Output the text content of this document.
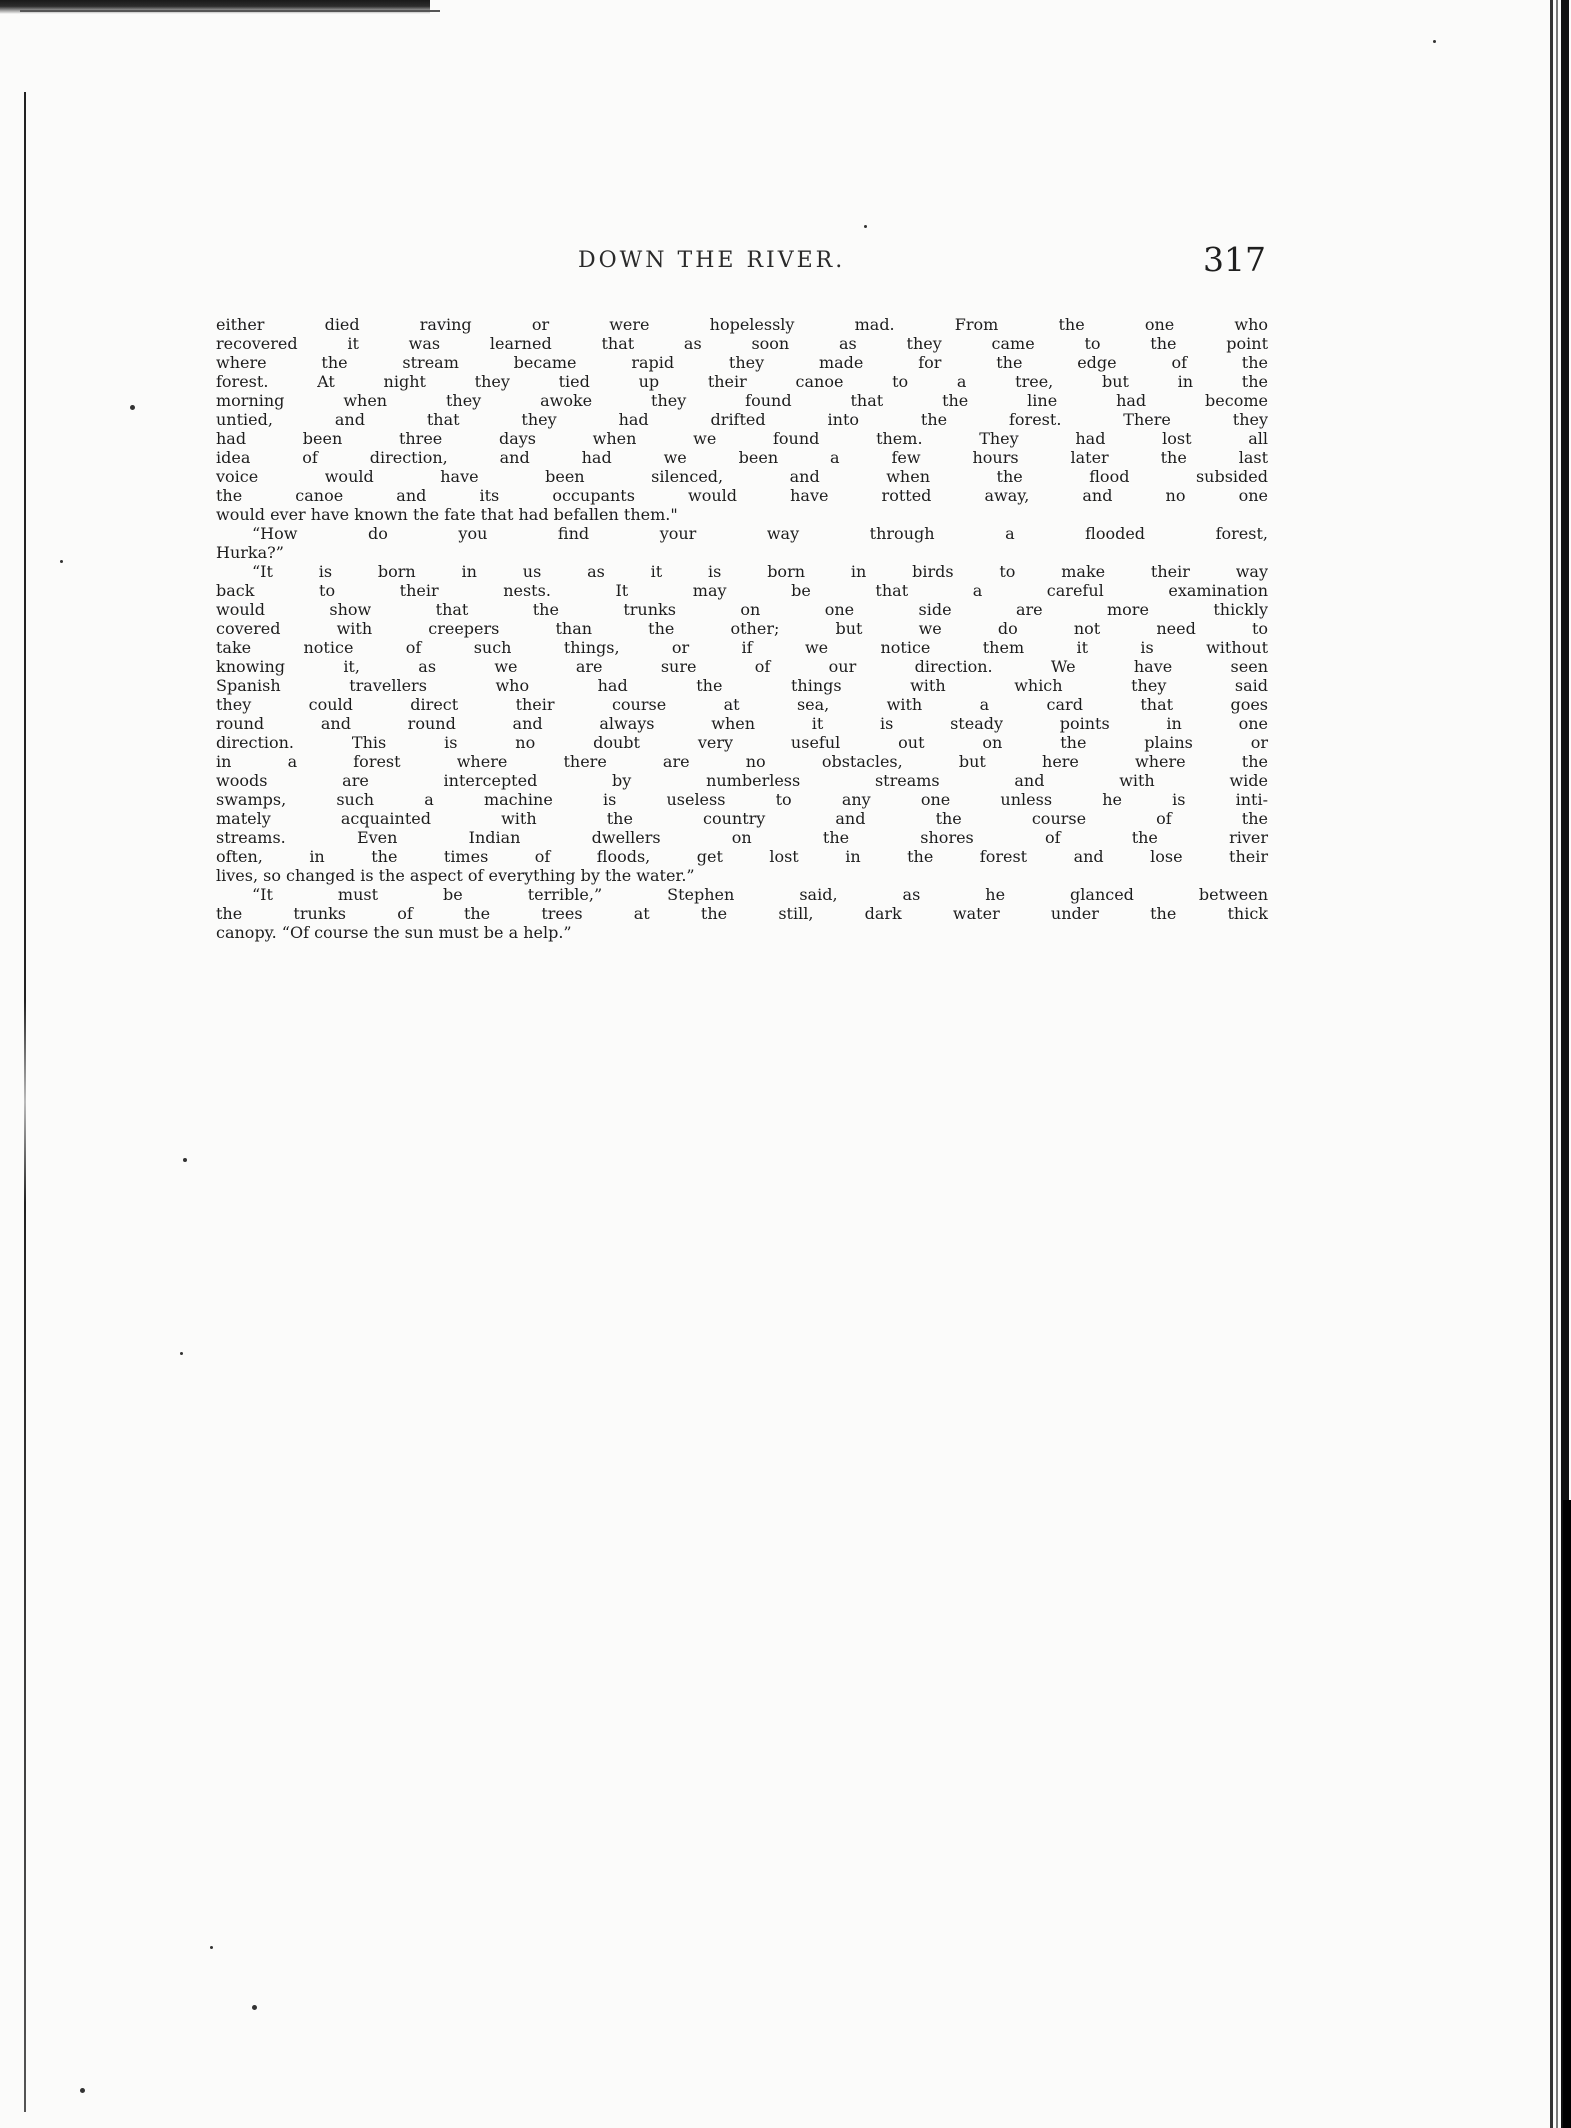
DOWN THE RIVER.	317
either died raving or were hopelessly mad. From the one who
recovered it was learned that as soon as they came to the point
where the stream became rapid they made for the edge of the
forest. At night they tied up their canoe to a tree, but in the
morning when they awoke they found that the line had become
untied, and that they had drifted into the forest. There they
had been three days when we found them. They had lost all
idea of direction, and had we been a few hours later the last
voice would have been silenced, and when the flood subsided
the canoe and its occupants would have rotted away, and no one
would ever have known the fate that had befallen them."
“How do you find your way through a flooded forest,
Hurka?”
“It is born in us as it is born in birds to make their way
back to their nests. It may be that a careful examination
would show that the trunks on one side are more thickly
covered with creepers than the other; but we do not need to
take notice of such things, or if we notice them it is without
knowing it, as we are sure of our direction. We have seen
Spanish travellers who had the things with which they said
they could direct their course at sea, with a card that goes
round and round and always when it is steady points in one
direction. This is no doubt very useful out on the plains or
in a forest where there are no obstacles, but here where the
woods are intercepted by numberless streams and with wide
swamps, such a machine is useless to any one unless he is inti-
mately acquainted with the country and the course of the
streams. Even Indian dwellers on the shores of the river
often, in the times of floods, get lost in the forest and lose their
lives, so changed is the aspect of everything by the water.”
“It must be terrible,” Stephen said, as he glanced between
the trunks of the trees at the still, dark water under the thick
canopy. “Of course the sun must be a help.”
